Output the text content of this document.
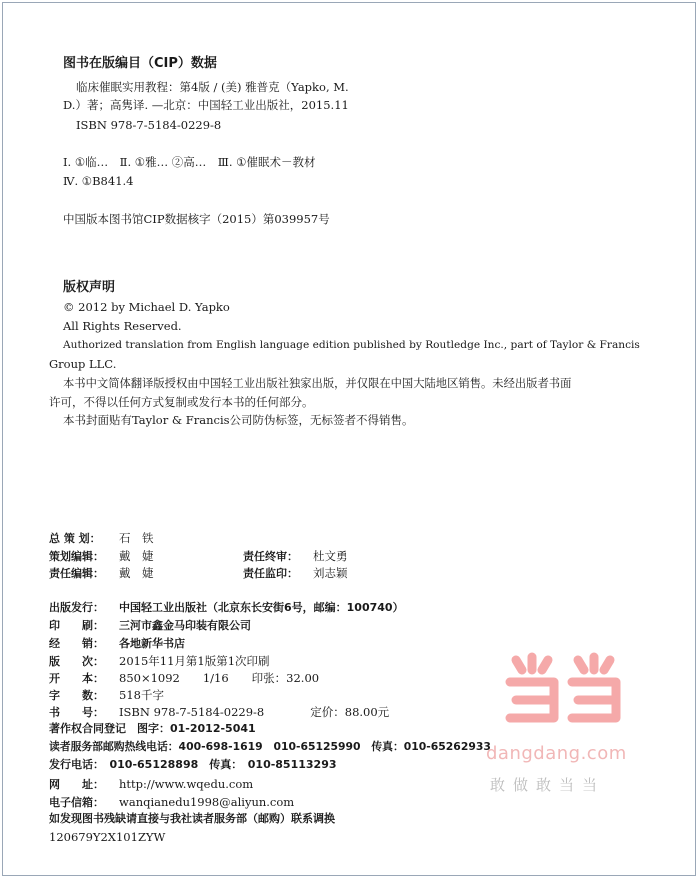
图书在版编目（CIP）数据
临床催眠实用教程：第4版 / (美) 雅普克（Yapko, M.
D.）著；高隽译. —北京：中国轻工业出版社，2015.11
ISBN 978-7-5184-0229-8
Ⅰ. ①临…　Ⅱ. ①雅… ②高…　Ⅲ. ①催眠术－教材
Ⅳ. ①B841.4
中国版本图书馆CIP数据核字（2015）第039957号
版权声明
© 2012 by Michael D. Yapko
All Rights Reserved.
Authorized translation from English language edition published by Routledge Inc., part of Taylor & Francis
Group LLC.
本书中文简体翻译版授权由中国轻工业出版社独家出版，并仅限在中国大陆地区销售。未经出版者书面
许可，不得以任何方式复制或发行本书的任何部分。
本书封面贴有Taylor & Francis公司防伪标签，无标签者不得销售。
总 策 划： 石　铁
策划编辑： 戴　婕	责任终审： 杜文勇
责任编辑： 戴　婕	责任监印： 刘志颖
出版发行： 中国轻工业出版社（北京东长安街6号，邮编：100740）
印　　刷： 三河市鑫金马印装有限公司
经　　销： 各地新华书店
版　　次： 2015年11月第1版第1次印刷
开　　本： 850×1092　　1/16　　印张：32.00
字　　数： 518千字
书　　号： ISBN 978-7-5184-0229-8　　　　定价：88.00元
著作权合同登记　图字：01-2012-5041
读者服务部邮购热线电话：400-698-1619　010-65125990　传真：010-65262933
发行电话：　010-65128898　传真：　010-85113293
网　　址： http://www.wqedu.com
电子信箱： wanqianedu1998@aliyun.com
如发现图书残缺请直接与我社读者服务部（邮购）联系调换
120679Y2X101ZYW
dangdang.com
敢做敢当当
